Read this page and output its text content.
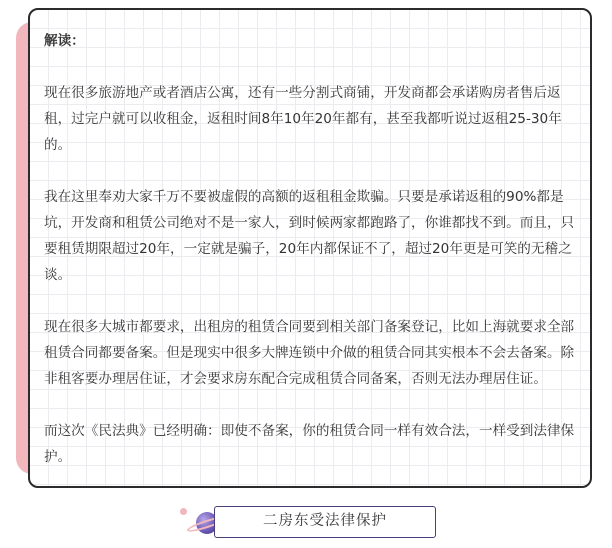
解读：

现在很多旅游地产或者酒店公寓，还有一些分割式商铺，开发商都会承诺购房者售后返租，过完户就可以收租金，返租时间8年10年20年都有，甚至我都听说过返租25-30年的。

我在这里奉劝大家千万不要被虚假的高额的返租租金欺骗。只要是承诺返租的90%都是坑，开发商和租赁公司绝对不是一家人，到时候两家都跑路了，你谁都找不到。而且，只要租赁期限超过20年，一定就是骗子，20年内都保证不了，超过20年更是可笑的无稽之谈。

现在很多大城市都要求，出租房的租赁合同要到相关部门备案登记，比如上海就要求全部租赁合同都要备案。但是现实中很多大牌连锁中介做的租赁合同其实根本不会去备案。除非租客要办理居住证，才会要求房东配合完成租赁合同备案，否则无法办理居住证。

而这次《民法典》已经明确：即使不备案，你的租赁合同一样有效合法，一样受到法律保护。

二房东受法律保护
